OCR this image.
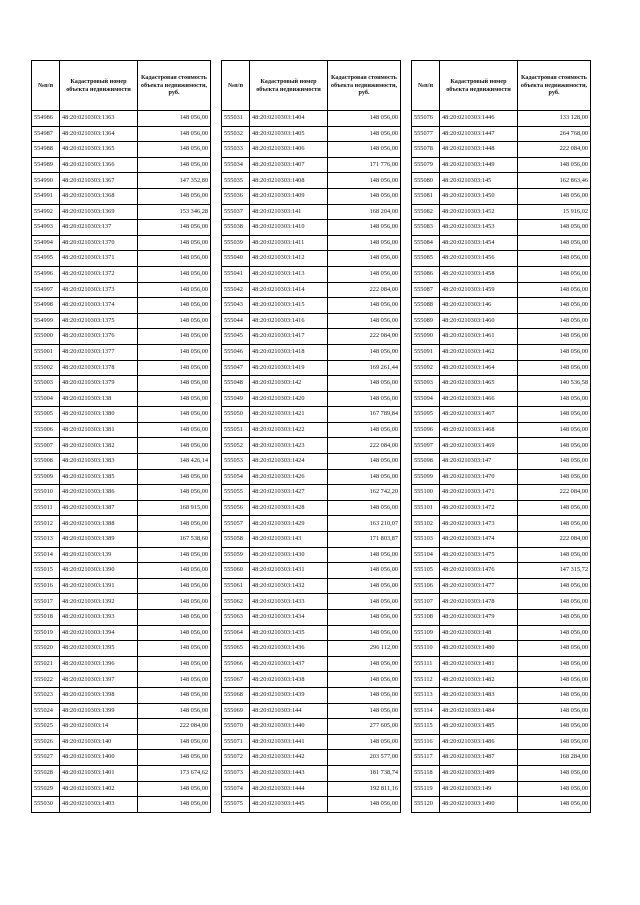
№п/п	Кадастровый номер объекта недвижимости	Кадастровая стоимость объекта недвижимости, руб.
554986	48:20:0210303:1363	148 056,00
554987	48:20:0210303:1364	148 056,00
554988	48:20:0210303:1365	148 056,00
554989	48:20:0210303:1366	148 056,00
554990	48:20:0210303:1367	147 352,80
554991	48:20:0210303:1368	148 056,00
554992	48:20:0210303:1369	153 346,28
554993	48:20:0210303:137	148 056,00
554994	48:20:0210303:1370	148 056,00
554995	48:20:0210303:1371	148 056,00
554996	48:20:0210303:1372	148 056,00
554997	48:20:0210303:1373	148 056,00
554998	48:20:0210303:1374	148 056,00
554999	48:20:0210303:1375	148 056,00
555000	48:20:0210303:1376	148 056,00
555001	48:20:0210303:1377	148 056,00
555002	48:20:0210303:1378	148 056,00
555003	48:20:0210303:1379	148 056,00
555004	48:20:0210303:138	148 056,00
555005	48:20:0210303:1380	148 056,00
555006	48:20:0210303:1381	148 056,00
555007	48:20:0210303:1382	148 056,00
555008	48:20:0210303:1383	148 426,14
555009	48:20:0210303:1385	148 056,00
555010	48:20:0210303:1386	148 056,00
555011	48:20:0210303:1387	168 915,00
555012	48:20:0210303:1388	148 056,00
555013	48:20:0210303:1389	167 538,60
555014	48:20:0210303:139	148 056,00
555015	48:20:0210303:1390	148 056,00
555016	48:20:0210303:1391	148 056,00
555017	48:20:0210303:1392	148 056,00
555018	48:20:0210303:1393	148 056,00
555019	48:20:0210303:1394	148 056,00
555020	48:20:0210303:1395	148 056,00
555021	48:20:0210303:1396	148 056,00
555022	48:20:0210303:1397	148 056,00
555023	48:20:0210303:1398	148 056,00
555024	48:20:0210303:1399	148 056,00
555025	48:20:0210303:14	222 084,00
555026	48:20:0210303:140	148 056,00
555027	48:20:0210303:1400	148 056,00
555028	48:20:0210303:1401	173 674,62
555029	48:20:0210303:1402	148 056,00
555030	48:20:0210303:1403	148 056,00
№п/п	Кадастровый номер объекта недвижимости	Кадастровая стоимость объекта недвижимости, руб.
555031	48:20:0210303:1404	148 056,00
555032	48:20:0210303:1405	148 056,00
555033	48:20:0210303:1406	148 056,00
555034	48:20:0210303:1407	171 776,00
555035	48:20:0210303:1408	148 056,00
555036	48:20:0210303:1409	148 056,00
555037	48:20:0210303:141	168 204,00
555038	48:20:0210303:1410	148 056,00
555039	48:20:0210303:1411	148 056,00
555040	48:20:0210303:1412	148 056,00
555041	48:20:0210303:1413	148 056,00
555042	48:20:0210303:1414	222 084,00
555043	48:20:0210303:1415	148 056,00
555044	48:20:0210303:1416	148 056,00
555045	48:20:0210303:1417	222 084,00
555046	48:20:0210303:1418	148 056,00
555047	48:20:0210303:1419	169 261,44
555048	48:20:0210303:142	148 056,00
555049	48:20:0210303:1420	148 056,00
555050	48:20:0210303:1421	167 789,84
555051	48:20:0210303:1422	148 056,00
555052	48:20:0210303:1423	222 084,00
555053	48:20:0210303:1424	148 056,00
555054	48:20:0210303:1426	148 056,00
555055	48:20:0210303:1427	162 742,20
555056	48:20:0210303:1428	148 056,00
555057	48:20:0210303:1429	163 210,07
555058	48:20:0210303:143	171 803,87
555059	48:20:0210303:1430	148 056,00
555060	48:20:0210303:1431	148 056,00
555061	48:20:0210303:1432	148 056,00
555062	48:20:0210303:1433	148 056,00
555063	48:20:0210303:1434	148 056,00
555064	48:20:0210303:1435	148 056,00
555065	48:20:0210303:1436	296 112,00
555066	48:20:0210303:1437	148 056,00
555067	48:20:0210303:1438	148 056,00
555068	48:20:0210303:1439	148 056,00
555069	48:20:0210303:144	148 056,00
555070	48:20:0210303:1440	277 605,00
555071	48:20:0210303:1441	148 056,00
555072	48:20:0210303:1442	203 577,00
555073	48:20:0210303:1443	181 738,74
555074	48:20:0210303:1444	192 811,16
555075	48:20:0210303:1445	148 056,00
№п/п	Кадастровый номер объекта недвижимости	Кадастровая стоимость объекта недвижимости, руб.
555076	48:20:0210303:1446	133 128,00
555077	48:20:0210303:1447	264 768,00
555078	48:20:0210303:1448	222 084,00
555079	48:20:0210303:1449	148 056,00
555080	48:20:0210303:145	162 863,46
555081	48:20:0210303:1450	148 056,00
555082	48:20:0210303:1452	15 916,02
555083	48:20:0210303:1453	148 056,00
555084	48:20:0210303:1454	148 056,00
555085	48:20:0210303:1456	148 056,00
555086	48:20:0210303:1458	148 056,00
555087	48:20:0210303:1459	148 056,00
555088	48:20:0210303:146	148 056,00
555089	48:20:0210303:1460	148 056,00
555090	48:20:0210303:1461	148 056,00
555091	48:20:0210303:1462	148 056,00
555092	48:20:0210303:1464	148 056,00
555093	48:20:0210303:1465	140 536,58
555094	48:20:0210303:1466	148 056,00
555095	48:20:0210303:1467	148 056,00
555096	48:20:0210303:1468	148 056,00
555097	48:20:0210303:1469	148 056,00
555098	48:20:0210303:147	148 056,00
555099	48:20:0210303:1470	148 056,00
555100	48:20:0210303:1471	222 084,00
555101	48:20:0210303:1472	148 056,00
555102	48:20:0210303:1473	148 056,00
555103	48:20:0210303:1474	222 084,00
555104	48:20:0210303:1475	148 056,00
555105	48:20:0210303:1476	147 315,72
555106	48:20:0210303:1477	148 056,00
555107	48:20:0210303:1478	148 056,00
555108	48:20:0210303:1479	148 056,00
555109	48:20:0210303:148	148 056,00
555110	48:20:0210303:1480	148 056,00
555111	48:20:0210303:1481	148 056,00
555112	48:20:0210303:1482	148 056,00
555113	48:20:0210303:1483	148 056,00
555114	48:20:0210303:1484	148 056,00
555115	48:20:0210303:1485	148 056,00
555116	48:20:0210303:1486	148 056,00
555117	48:20:0210303:1487	168 284,00
555118	48:20:0210303:1489	148 056,00
555119	48:20:0210303:149	148 056,00
555120	48:20:0210303:1490	148 056,00
